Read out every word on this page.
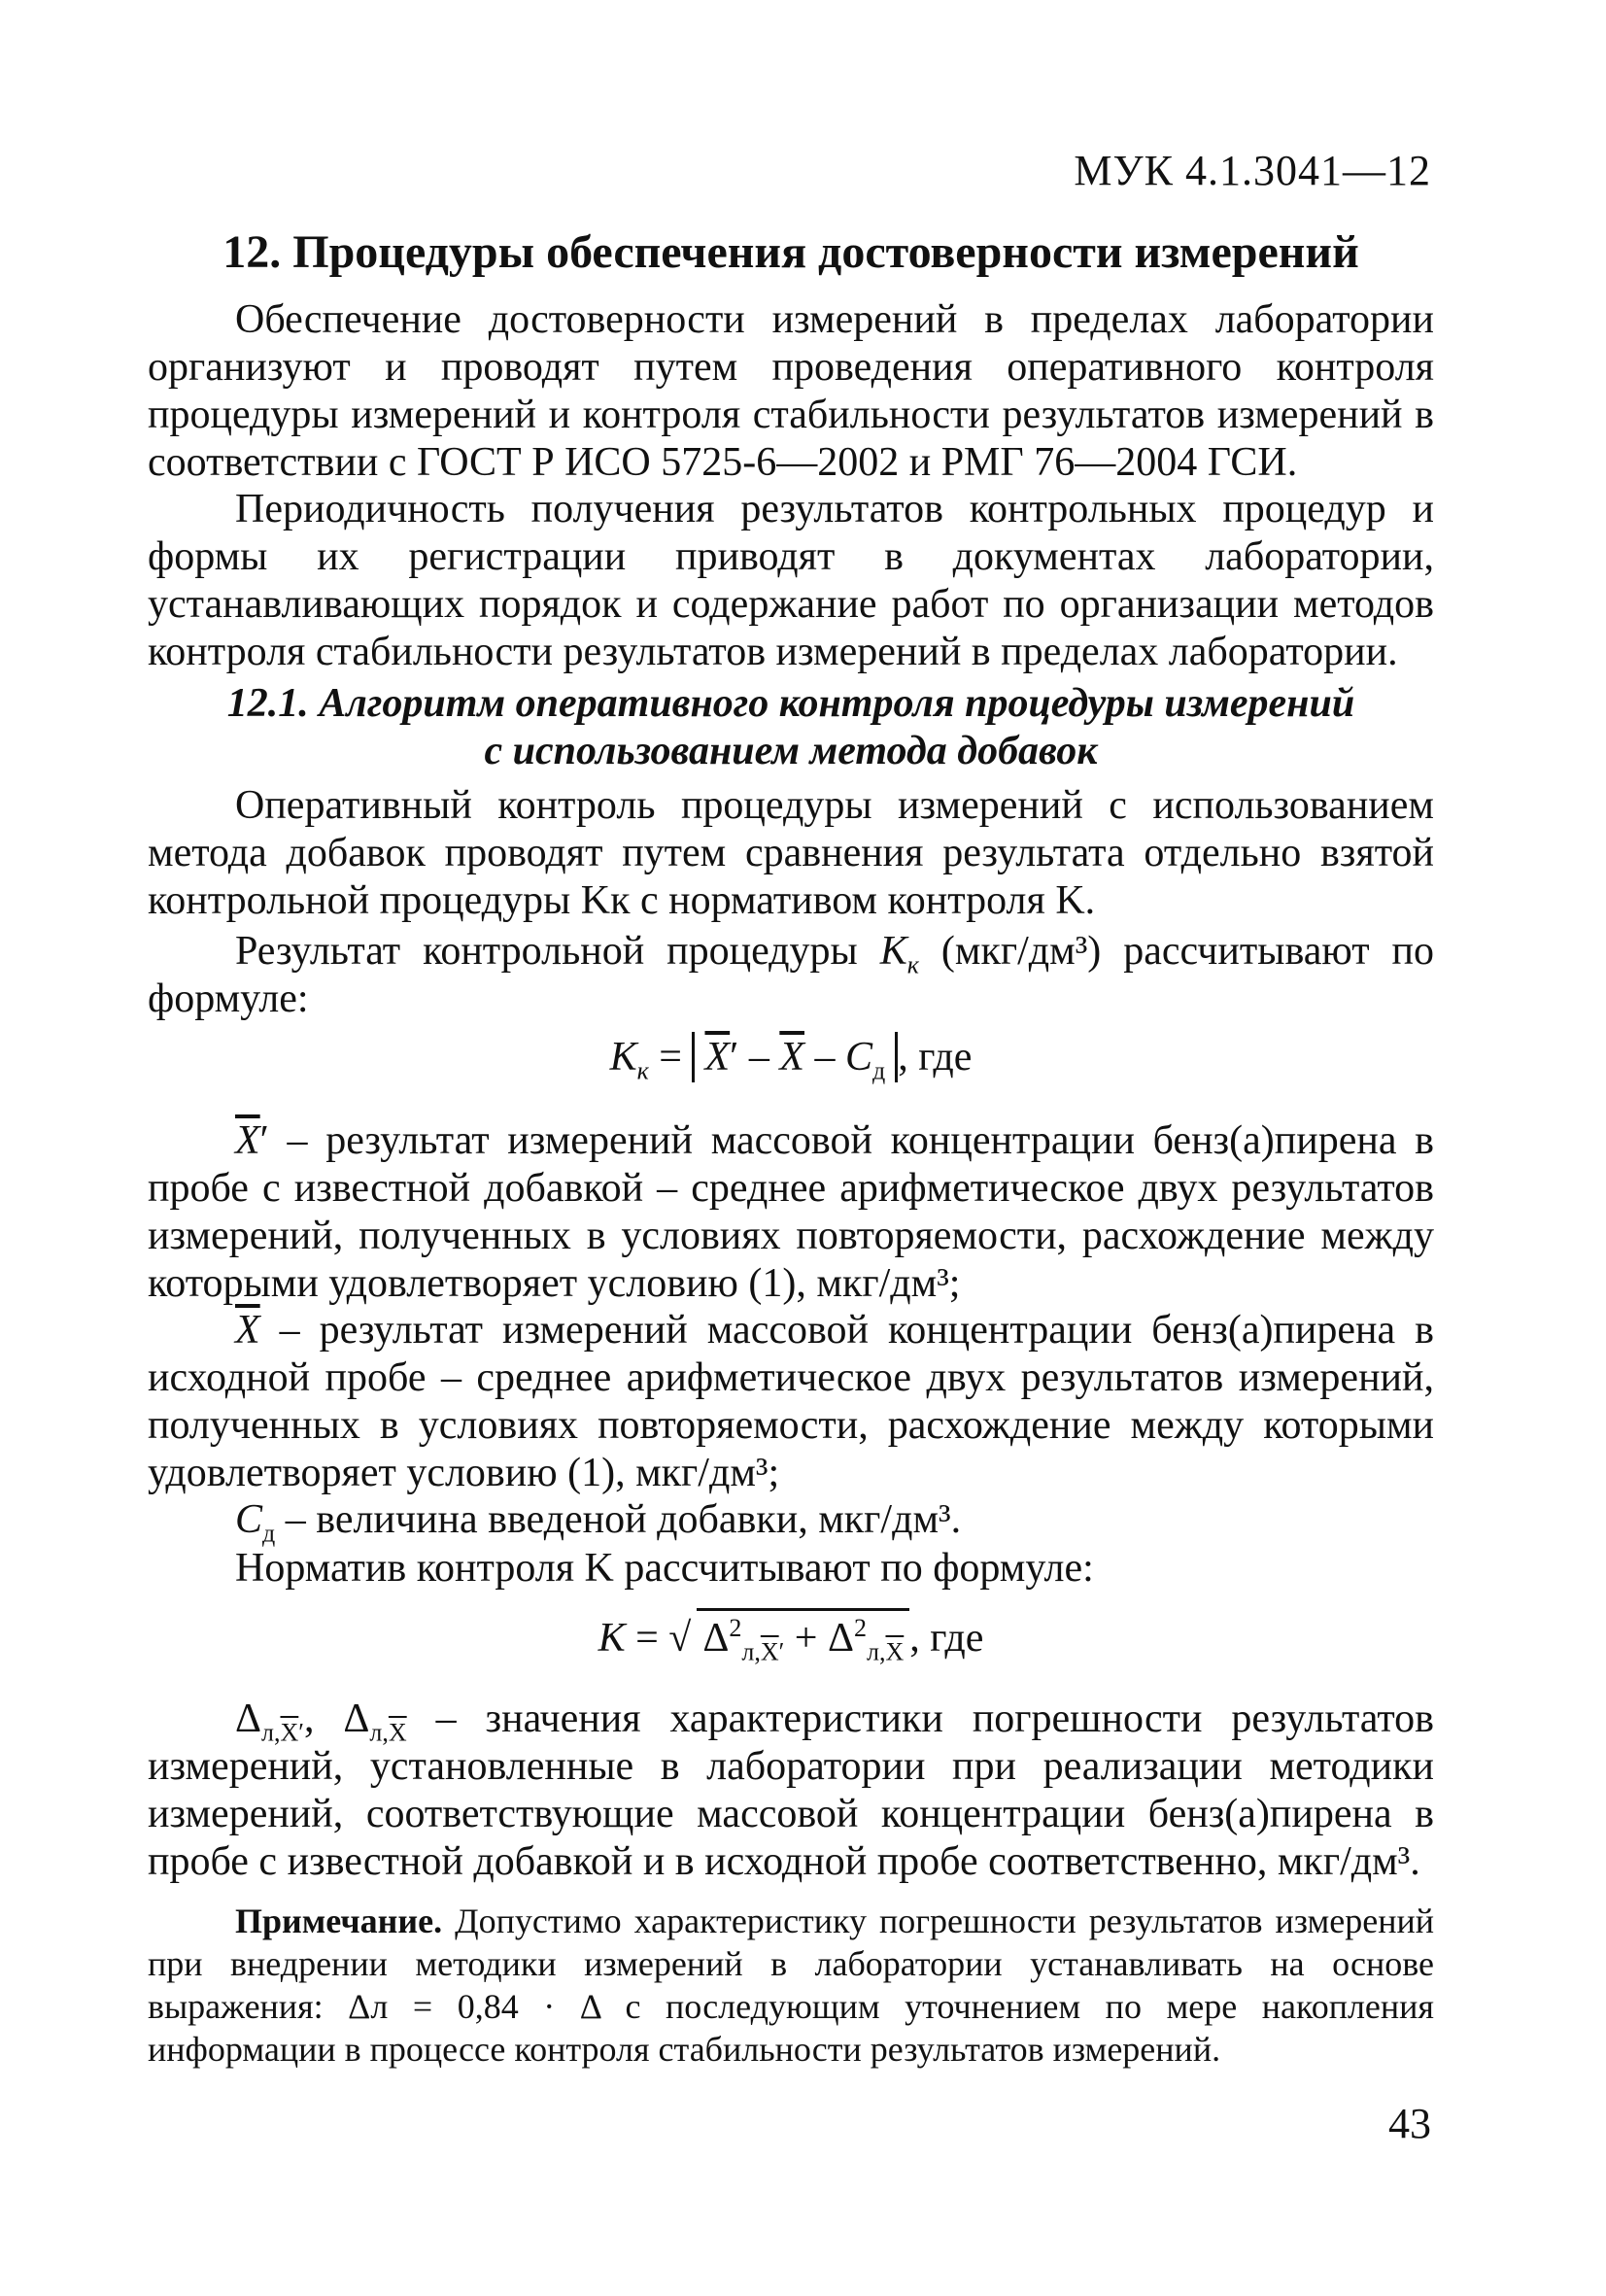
МУК 4.1.3041—12
12. Процедуры обеспечения достоверности измерений

Обеспечение достоверности измерений в пределах лаборатории организуют и проводят путем проведения оперативного контроля процедуры измерений и контроля стабильности результатов измерений в соответствии с ГОСТ Р ИСО 5725-6—2002 и РМГ 76—2004 ГСИ.

Периодичность получения результатов контрольных процедур и формы их регистрации приводят в документах лаборатории, устанавливающих порядок и содержание работ по организации методов контроля стабильности результатов измерений в пределах лаборатории.

12.1. Алгоритм оперативного контроля процедуры измерений
с использованием метода добавок

Оперативный контроль процедуры измерений с использованием метода добавок проводят путем сравнения результата отдельно взятой контрольной процедуры Kк с нормативом контроля K.

Результат контрольной процедуры $K_к$ (мкг/дм³) рассчитывают по формуле:

$K_к = \overline{X}' - \overline{X} - C_д$ , где

$\overline{X}'$ – результат измерений массовой концентрации бенз(а)пирена в пробе с известной добавкой – среднее арифметическое двух результатов измерений, полученных в условиях повторяемости, расхождение между которыми удовлетворяет условию (1), мкг/дм³;

$\overline{X}$ – результат измерений массовой концентрации бенз(а)пирена в исходной пробе – среднее арифметическое двух результатов измерений, полученных в условиях повторяемости, расхождение между которыми удовлетворяет условию (1), мкг/дм³;

$C_д$ – величина введеной добавки, мкг/дм³.

Норматив контроля K рассчитывают по формуле:

K = √ $\Delta^2_{л,\overline{X}'} + \Delta^2_{л,\overline{X}}$ , где

$\Delta_{л,\overline{X}'}$, $\Delta_{л,\overline{X}}$ – значения характеристики погрешности результатов измерений, установленные в лаборатории при реализации методики измерений, соответствующие массовой концентрации бенз(а)пирена в пробе с известной добавкой и в исходной пробе соответственно, мкг/дм³.

Примечание. Допустимо характеристику погрешности результатов измерений при внедрении методики измерений в лаборатории устанавливать на основе выражения: Δл = 0,84 · Δ с последующим уточнением по мере накопления информации в процессе контроля стабильности результатов измерений.

43
